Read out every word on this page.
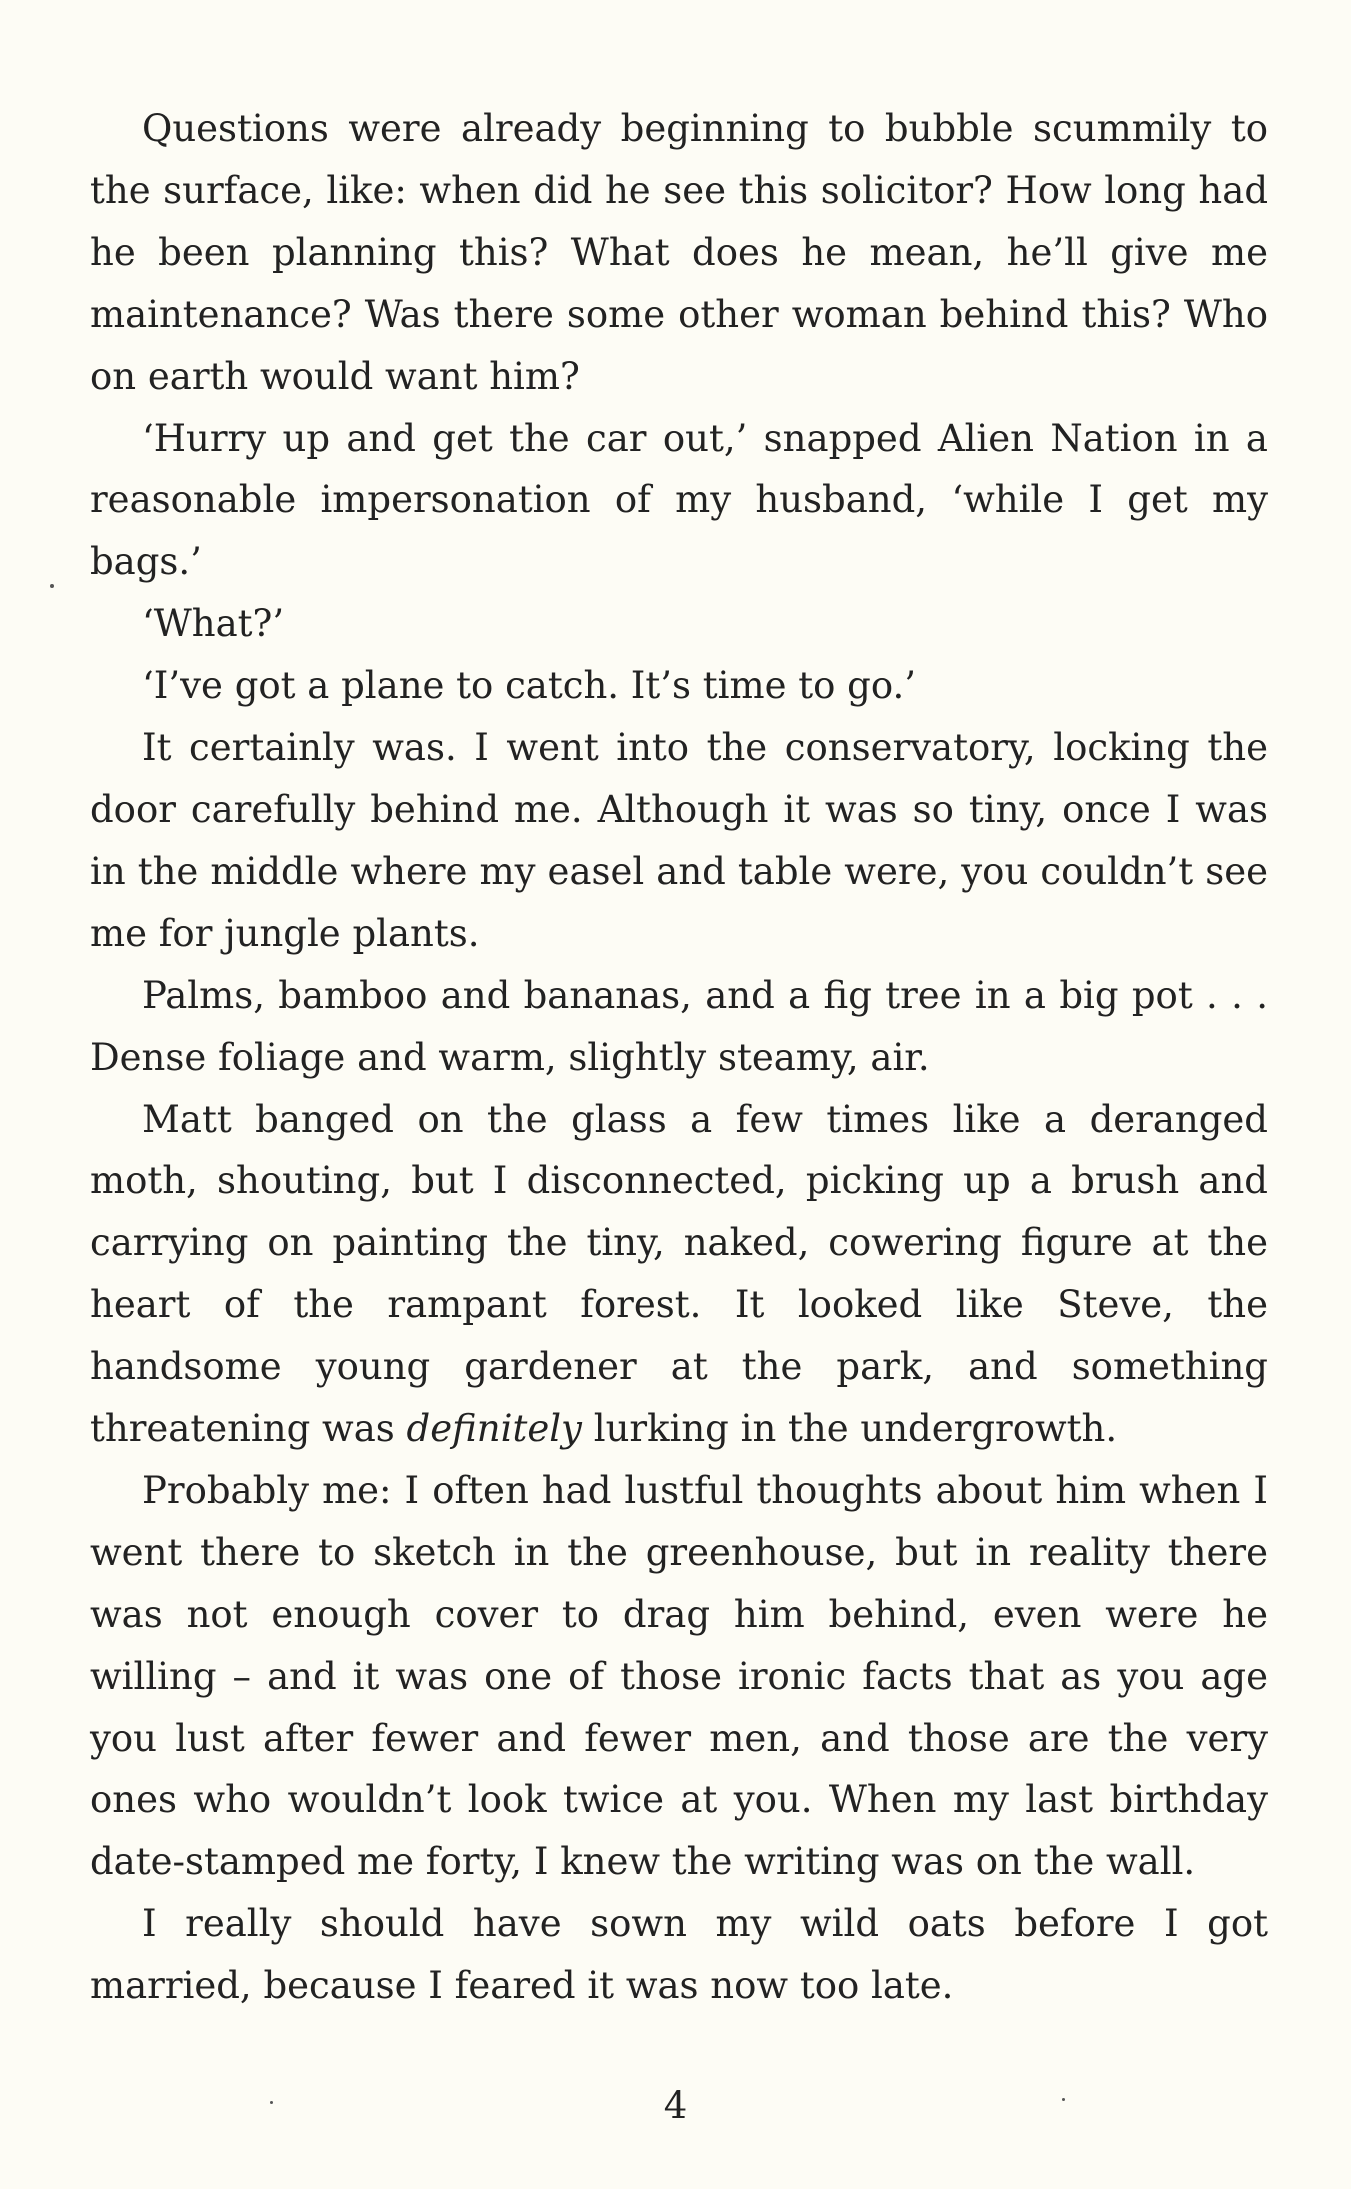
Questions were already beginning to bubble scummily to the surface, like: when did he see this solicitor? How long had he been planning this? What does he mean, he’ll give me maintenance? Was there some other woman behind this? Who on earth would want him?

‘Hurry up and get the car out,’ snapped Alien Nation in a reasonable impersonation of my husband, ‘while I get my bags.’

‘What?’

‘I’ve got a plane to catch. It’s time to go.’

It certainly was. I went into the conservatory, locking the door carefully behind me. Although it was so tiny, once I was in the middle where my easel and table were, you couldn’t see me for jungle plants.

Palms, bamboo and bananas, and a fig tree in a big pot . . . Dense foliage and warm, slightly steamy, air.

Matt banged on the glass a few times like a deranged moth, shouting, but I disconnected, picking up a brush and carrying on painting the tiny, naked, cowering figure at the heart of the rampant forest. It looked like Steve, the handsome young gardener at the park, and something threatening was definitely lurking in the undergrowth.

Probably me: I often had lustful thoughts about him when I went there to sketch in the greenhouse, but in reality there was not enough cover to drag him behind, even were he willing – and it was one of those ironic facts that as you age you lust after fewer and fewer men, and those are the very ones who wouldn’t look twice at you. When my last birthday date-stamped me forty, I knew the writing was on the wall.

I really should have sown my wild oats before I got married, because I feared it was now too late.

4
